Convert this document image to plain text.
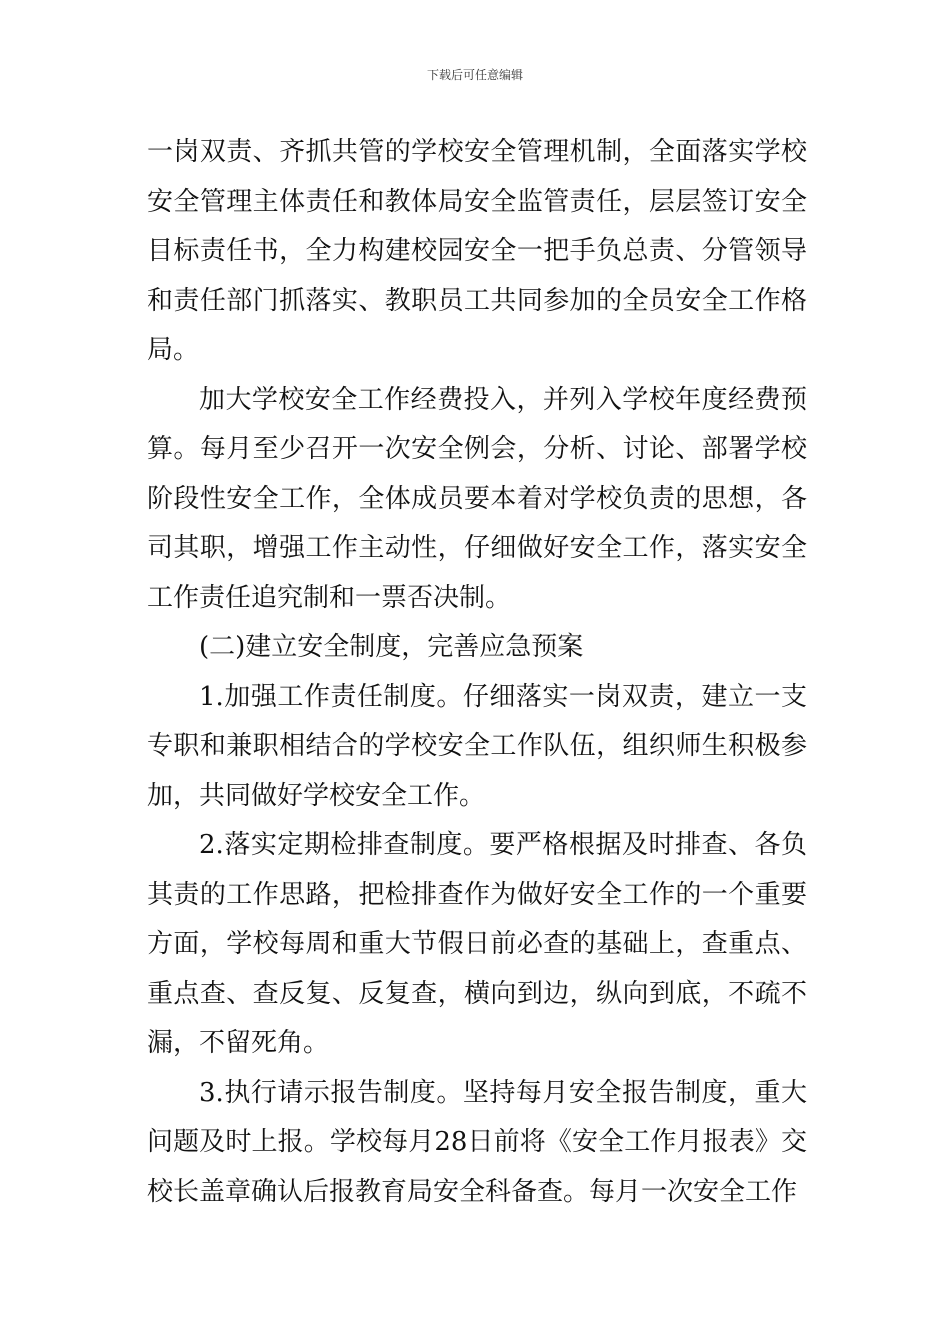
下载后可任意编辑

一岗双责、齐抓共管的学校安全管理机制，全面落实学校安全管理主体责任和教体局安全监管责任，层层签订安全目标责任书，全力构建校园安全一把手负总责、分管领导和责任部门抓落实、教职员工共同参加的全员安全工作格局。

加大学校安全工作经费投入，并列入学校年度经费预算。每月至少召开一次安全例会，分析、讨论、部署学校阶段性安全工作，全体成员要本着对学校负责的思想，各司其职，增强工作主动性，仔细做好安全工作，落实安全工作责任追究制和一票否决制。

(二)建立安全制度，完善应急预案

1.加强工作责任制度。仔细落实一岗双责，建立一支专职和兼职相结合的学校安全工作队伍，组织师生积极参加，共同做好学校安全工作。

2.落实定期检排查制度。要严格根据及时排查、各负其责的工作思路，把检排查作为做好安全工作的一个重要方面，学校每周和重大节假日前必查的基础上，查重点、重点查、查反复、反复查，横向到边，纵向到底，不疏不漏，不留死角。

3.执行请示报告制度。坚持每月安全报告制度，重大问题及时上报。学校每月28日前将《安全工作月报表》交校长盖章确认后报教育局安全科备查。每月一次安全工作
